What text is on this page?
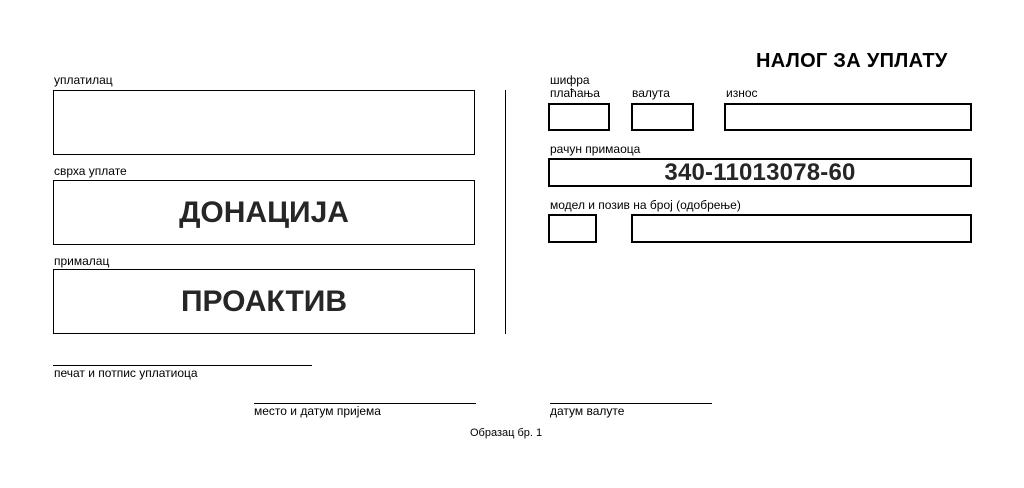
НАЛОГ ЗА УПЛАТУ
уплатилац
сврха уплате
ДОНАЦИЈА
прималац
ПРОАКТИВ
печат и потпис уплатиоца
место и датум пријема
шифра
плаћања	валута	износ
рачун примаоца
340-11013078-60
модел и позив на број (одобрење)
датум валуте
Образац бр. 1
